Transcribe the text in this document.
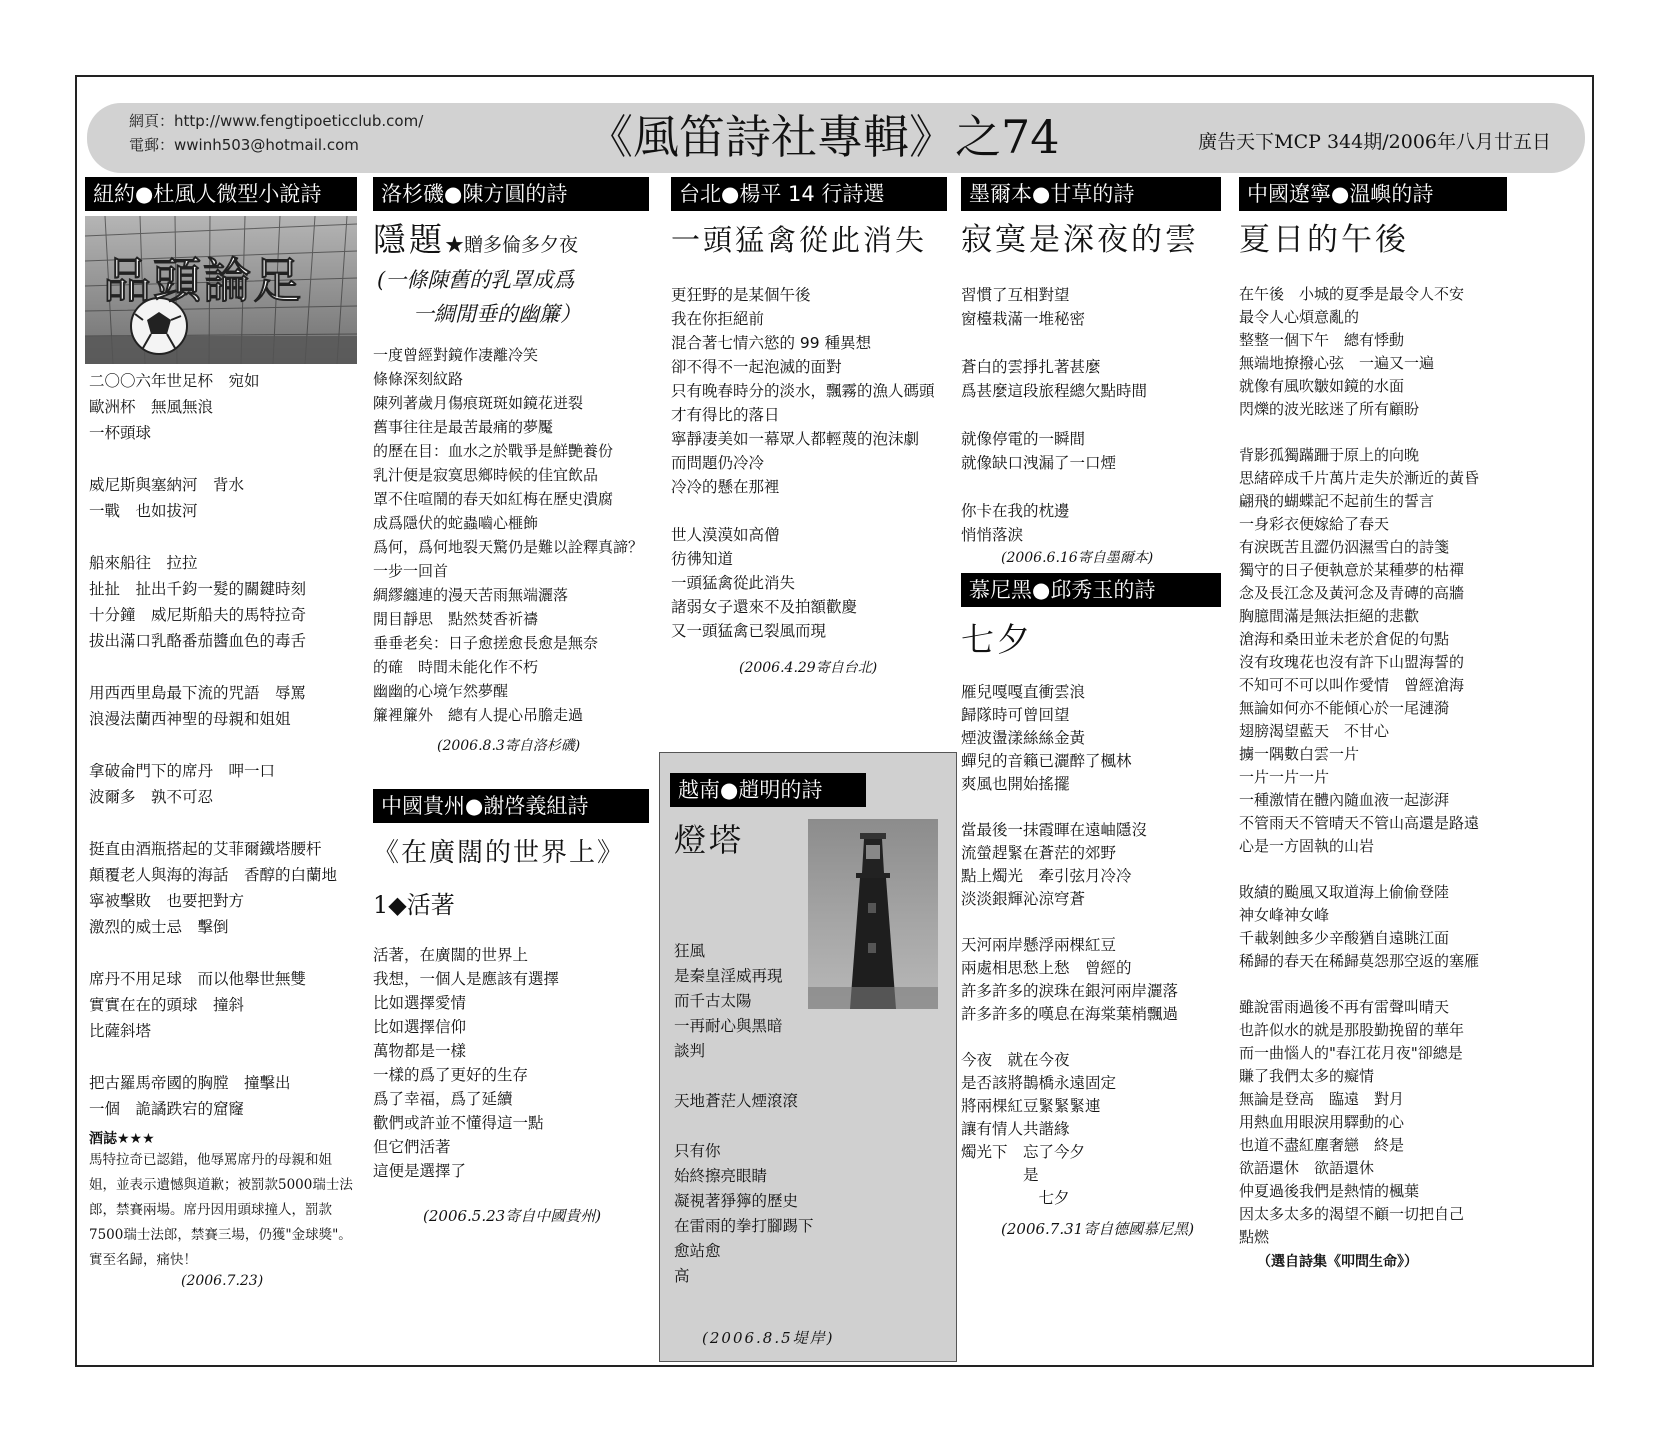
網頁：http://www.fengtipoeticclub.com/
電郵：wwinh503@hotmail.com	《風笛詩社專輯》之74	廣告天下MCP 344期/2006年八月廿五日
紐約●杜風人微型小說詩
品頭論足
二〇〇六年世足杯　宛如
歐洲杯　無風無浪
一杯頭球
威尼斯與塞納河　背水
一戰　也如拔河
船來船往　拉拉
扯扯　扯出千鈞一髮的關鍵時刻
十分鐘　威尼斯船夫的馬特拉奇
拔出滿口乳酪番茄醬血色的毒舌
用西西里島最下流的咒語　辱罵
浪漫法蘭西神聖的母親和姐姐
拿破侖門下的席丹　呷一口
波爾多　孰不可忍
挺直由酒瓶搭起的艾菲爾鐵塔腰杆
顛覆老人與海的海話　香醇的白蘭地
寧被擊敗　也要把對方
激烈的威士忌　擊倒
席丹不用足球　而以他舉世無雙
實實在在的頭球　撞斜
比薩斜塔
把古羅馬帝國的胸膛　撞擊出
一個　詭譎跌宕的窟窿
酒誌★★★
馬特拉奇已認錯，他辱罵席丹的母親和姐姐，並表示遺憾與道歉；被罰款5000瑞士法郎，禁賽兩場。席丹因用頭球撞人，罰款7500瑞士法郎，禁賽三場，仍獲"金球獎"。實至名歸，痛快！
(2006.7.23)
洛杉磯●陳方圓的詩
隱題★贈多倫多夕夜
(一條陳舊的乳罩成爲
一綢閒垂的幽簾）
一度曾經對鏡作凄離冷笑
條條深刻紋路
陳列著歲月傷痕斑斑如鏡花迸裂
舊事往往是最苦最痛的夢魘
的歷在目：血水之於戰爭是鮮艷養份
乳汁便是寂寞思鄉時候的佳宜飲品
罩不住喧鬧的春天如紅梅在歷史潰腐
成爲隱伏的蛇蟲嚙心榧飾
爲何，爲何地裂天驚仍是難以詮釋真諦？
一步一回首
綢繆纏連的漫天苦雨無端灑落
閒目靜思　點然焚香祈禱
垂垂老矣：日子愈搓愈長愈是無奈
的確　時間未能化作不朽
幽幽的心境乍然夢醒
簾裡簾外　總有人提心吊膽走過
(2006.8.3寄自洛杉磯)
中國貴州●謝啓義組詩
《在廣闊的世界上》
1◆活著
活著，在廣闊的世界上
我想，一個人是應該有選擇
比如選擇愛情
比如選擇信仰
萬物都是一樣
一樣的爲了更好的生存
爲了幸福，爲了延續
歡們或許並不懂得這一點
但它們活著
這便是選擇了
(2006.5.23寄自中國貴州)
台北●楊平 14 行詩選
一頭猛禽從此消失
更狂野的是某個午後
我在你拒絕前
混合著七情六慾的 99 種異想
卻不得不一起泡滅的面對
只有晚春時分的淡水，飄霧的漁人碼頭
才有得比的落日
寧靜凄美如一幕眾人都輕蔑的泡沫劇
而問題仍冷冷
冷冷的懸在那裡
世人漠漠如高僧
彷彿知道
一頭猛禽從此消失
諸弱女子還來不及拍額歡慶
又一頭猛禽已裂風而現
(2006.4.29寄自台北)
越南●趙明的詩
燈塔
狂風
是秦皇淫威再現
而千古太陽
一再耐心與黑暗
談判
天地蒼茫人煙滾滾
只有你
始終擦亮眼睛
凝視著猙獰的歷史
在雷雨的拳打腳踢下
愈站愈
高
(2006.8.5堤岸)
墨爾本●甘草的詩
寂寞是深夜的雲
習慣了互相對望
窗檯栽滿一堆秘密
蒼白的雲掙扎著甚麼
爲甚麼這段旅程總欠點時間
就像停電的一瞬間
就像缺口洩漏了一口煙
你卡在我的枕邊
悄悄落淚
(2006.6.16寄自墨爾本)
慕尼黑●邱秀玉的詩
七夕
雁兒嘎嘎直衝雲浪
歸隊時可曾回望
煙波盪漾絲絲金黃
蟬兒的音籟已灑醉了楓林
爽風也開始搖擺
當最後一抹霞暉在遠岫隱沒
流螢趕緊在蒼茫的郊野
點上燭光　牽引弦月冷冷
淡淡銀輝沁涼穹蒼
天河兩岸懸浮兩棵紅豆
兩處相思愁上愁　曾經的
許多許多的淚珠在銀河兩岸灑落
許多許多的嘆息在海棠葉梢飄過
今夜　就在今夜
是否該將鵲橋永遠固定
將兩棵紅豆緊緊緊連
讓有情人共諧緣
燭光下　忘了今夕
　　　　是
　　　　　七夕
(2006.7.31寄自德國慕尼黑)
中國遼寧●溫嶼的詩
夏日的午後
在午後　小城的夏季是最令人不安
最令人心煩意亂的
整整一個下午　總有悸動
無端地撩撥心弦　一遍又一遍
就像有風吹皺如鏡的水面
閃爍的波光眩迷了所有顧盼
背影孤獨蹣跚于原上的向晚
思緒碎成千片萬片走失於漸近的黃昏
翩飛的蝴蝶記不起前生的誓言
一身彩衣便嫁給了春天
有淚既苦且澀仍泅濕雪白的詩箋
獨守的日子便執意於某種夢的枯禪
念及長江念及黃河念及青磚的高牆
胸臆間滿是無法拒絕的悲歡
滄海和桑田並未老於倉促的句點
沒有玫瑰花也沒有許下山盟海誓的
不知可不可以叫作愛情　曾經滄海
無論如何亦不能傾心於一尾漣漪
翅膀渴望藍天　不甘心
擄一隅數白雲一片
一片一片一片
一種激情在體內隨血液一起澎湃
不管雨天不管晴天不管山高還是路遠
心是一方固執的山岩
敗績的颱風又取道海上偷偷登陸
神女峰神女峰
千載剝蝕多少辛酸猶自遠眺江面
稀歸的春天在稀歸莫怨那空返的塞雁
雖說雷雨過後不再有雷聲叫晴天
也許似水的就是那股勤挽留的華年
而一曲惱人的"春江花月夜"卻總是
賺了我們太多的癡情
無論是登高　臨遠　對月
用熱血用眼淚用驛動的心
也道不盡紅塵奢戀　終是
欲語還休　欲語還休
仲夏過後我們是熱情的楓葉
因太多太多的渴望不顧一切把自己
點燃
（選自詩集《叩問生命》）
